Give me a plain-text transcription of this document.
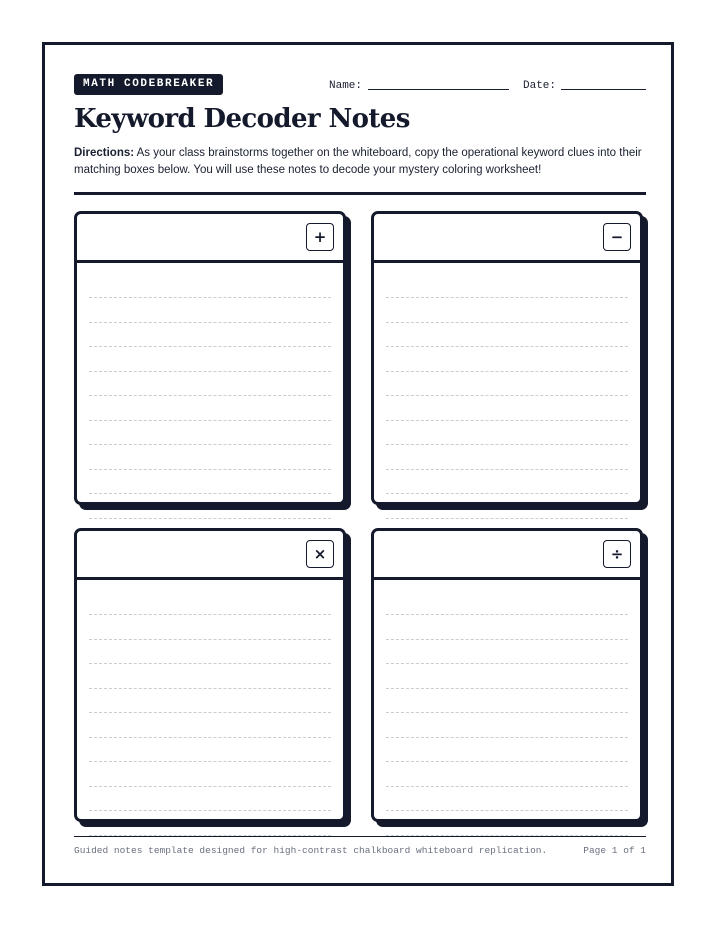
MATH CODEBREAKER	Name:	Date:
Keyword Decoder Notes
Directions: As your class brainstorms together on the whiteboard, copy the operational keyword clues into their matching boxes below. You will use these notes to decode your mystery coloring worksheet!
+	−
×	÷
Guided notes template designed for high-contrast chalkboard whiteboard replication.	Page 1 of 1
